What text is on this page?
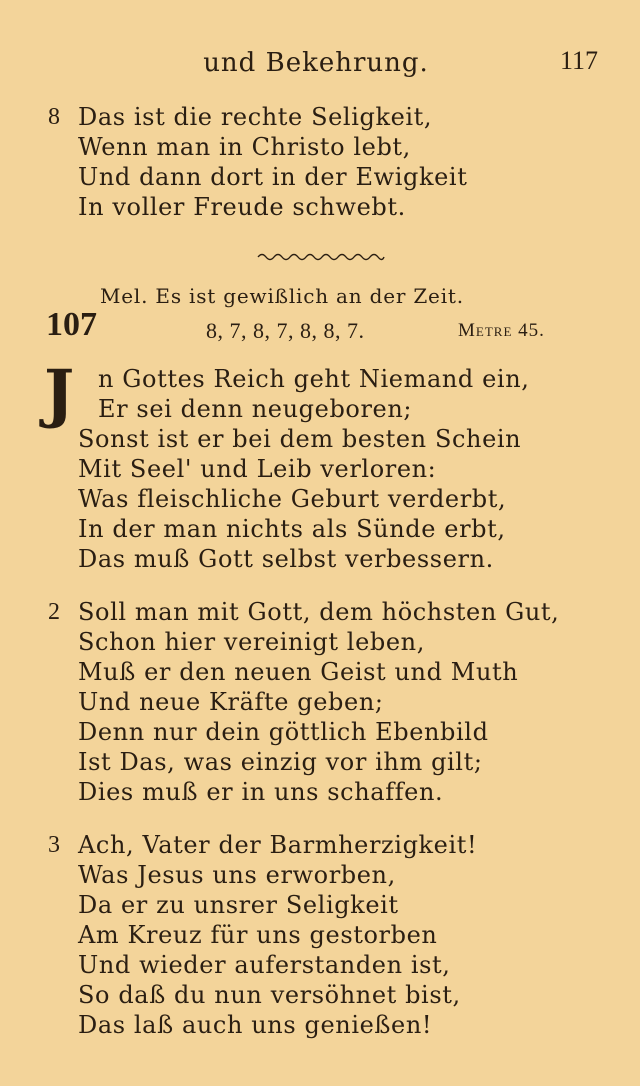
und Bekehrung.	117
8 Das ist die rechte Seligkeit,
Wenn man in Christo lebt,
Und dann dort in der Ewigkeit
In voller Freude schwebt.
Mel. Es ist gewißlich an der Zeit.
107	8, 7, 8, 7, 8, 8, 7.	Metre 45.
J n Gottes Reich geht Niemand ein,
Er sei denn neugeboren;
Sonst ist er bei dem besten Schein
Mit Seel' und Leib verloren:
Was fleischliche Geburt verderbt,
In der man nichts als Sünde erbt,
Das muß Gott selbst verbessern.
2 Soll man mit Gott, dem höchsten Gut,
Schon hier vereinigt leben,
Muß er den neuen Geist und Muth
Und neue Kräfte geben;
Denn nur dein göttlich Ebenbild
Ist Das, was einzig vor ihm gilt;
Dies muß er in uns schaffen.
3 Ach, Vater der Barmherzigkeit!
Was Jesus uns erworben,
Da er zu unsrer Seligkeit
Am Kreuz für uns gestorben
Und wieder auferstanden ist,
So daß du nun versöhnet bist,
Das laß auch uns genießen!
